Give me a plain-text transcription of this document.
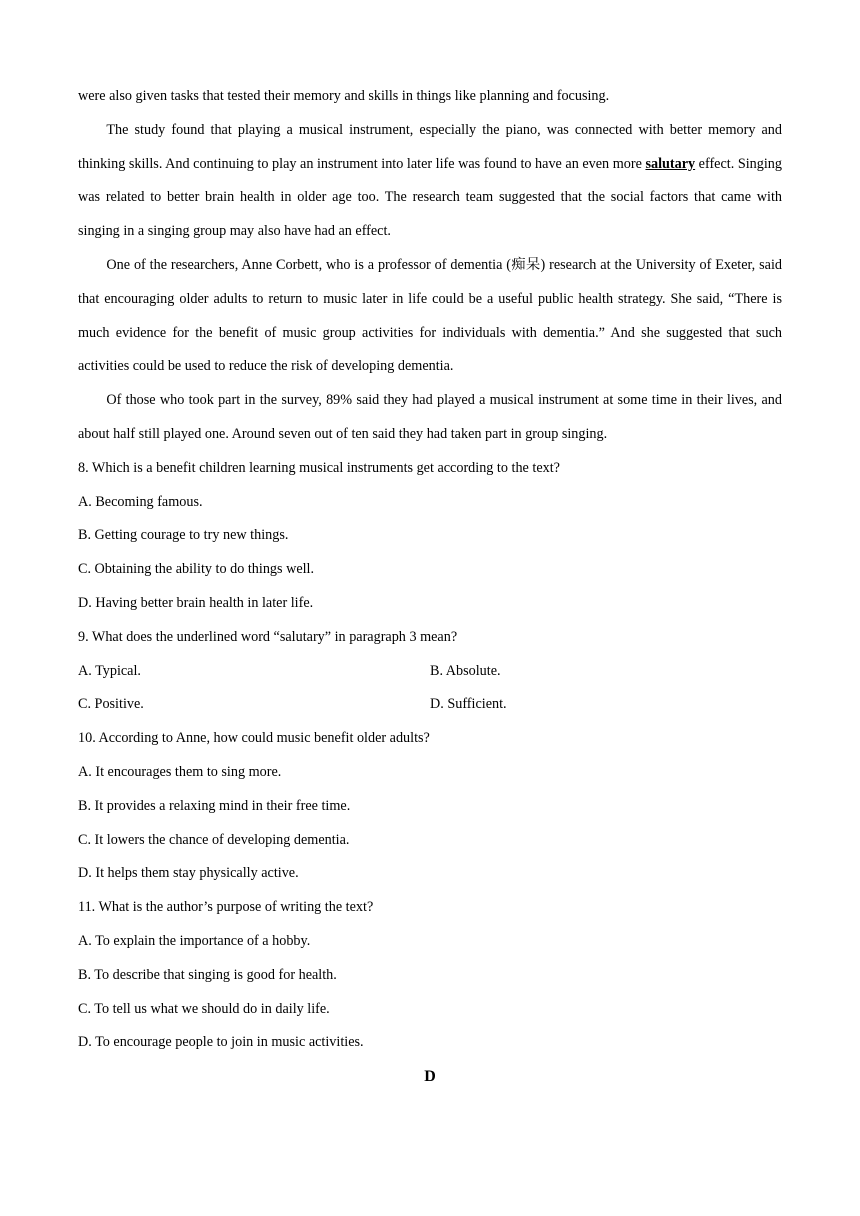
were also given tasks that tested their memory and skills in things like planning and focusing.

The study found that playing a musical instrument, especially the piano, was connected with better memory and thinking skills. And continuing to play an instrument into later life was found to have an even more salutary effect. Singing was related to better brain health in older age too. The research team suggested that the social factors that came with singing in a singing group may also have had an effect.

One of the researchers, Anne Corbett, who is a professor of dementia (痴呆) research at the University of Exeter, said that encouraging older adults to return to music later in life could be a useful public health strategy. She said, “There is much evidence for the benefit of music group activities for individuals with dementia.” And she suggested that such activities could be used to reduce the risk of developing dementia.

Of those who took part in the survey, 89% said they had played a musical instrument at some time in their lives, and about half still played one. Around seven out of ten said they had taken part in group singing.

8. Which is a benefit children learning musical instruments get according to the text?

A. Becoming famous.

B. Getting courage to try new things.

C. Obtaining the ability to do things well.

D. Having better brain health in later life.

9. What does the underlined word “salutary” in paragraph 3 mean?

A. Typical.	B. Absolute.

C. Positive.	D. Sufficient.

10. According to Anne, how could music benefit older adults?

A. It encourages them to sing more.

B. It provides a relaxing mind in their free time.

C. It lowers the chance of developing dementia.

D. It helps them stay physically active.

11. What is the author’s purpose of writing the text?

A. To explain the importance of a hobby.

B. To describe that singing is good for health.

C. To tell us what we should do in daily life.

D. To encourage people to join in music activities.

D
